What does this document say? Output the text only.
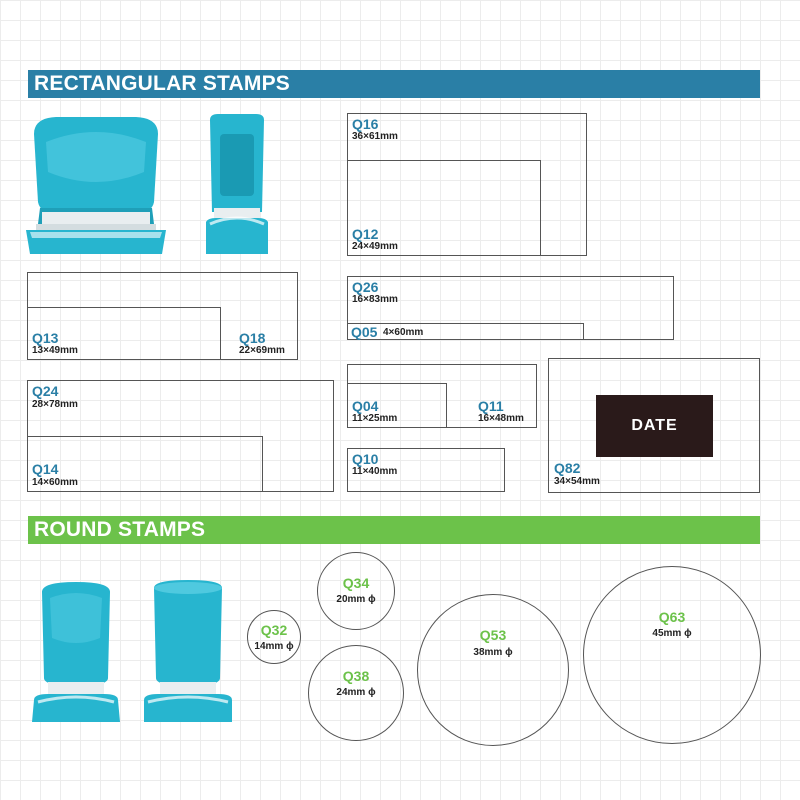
RECTANGULAR STAMPS
Q16
36×61mm
Q12
24×49mm
Q13
13×49mm
Q18
22×69mm
Q26
16×83mm
Q05 4×60mm
Q24
28×78mm
Q14
14×60mm
Q04
11×25mm
Q11
16×48mm
Q10
11×40mm
DATE
Q82
34×54mm
ROUND STAMPS
Q32
14mm ϕ
Q34
20mm ϕ
Q38
24mm ϕ
Q53
38mm ϕ
Q63
45mm ϕ
